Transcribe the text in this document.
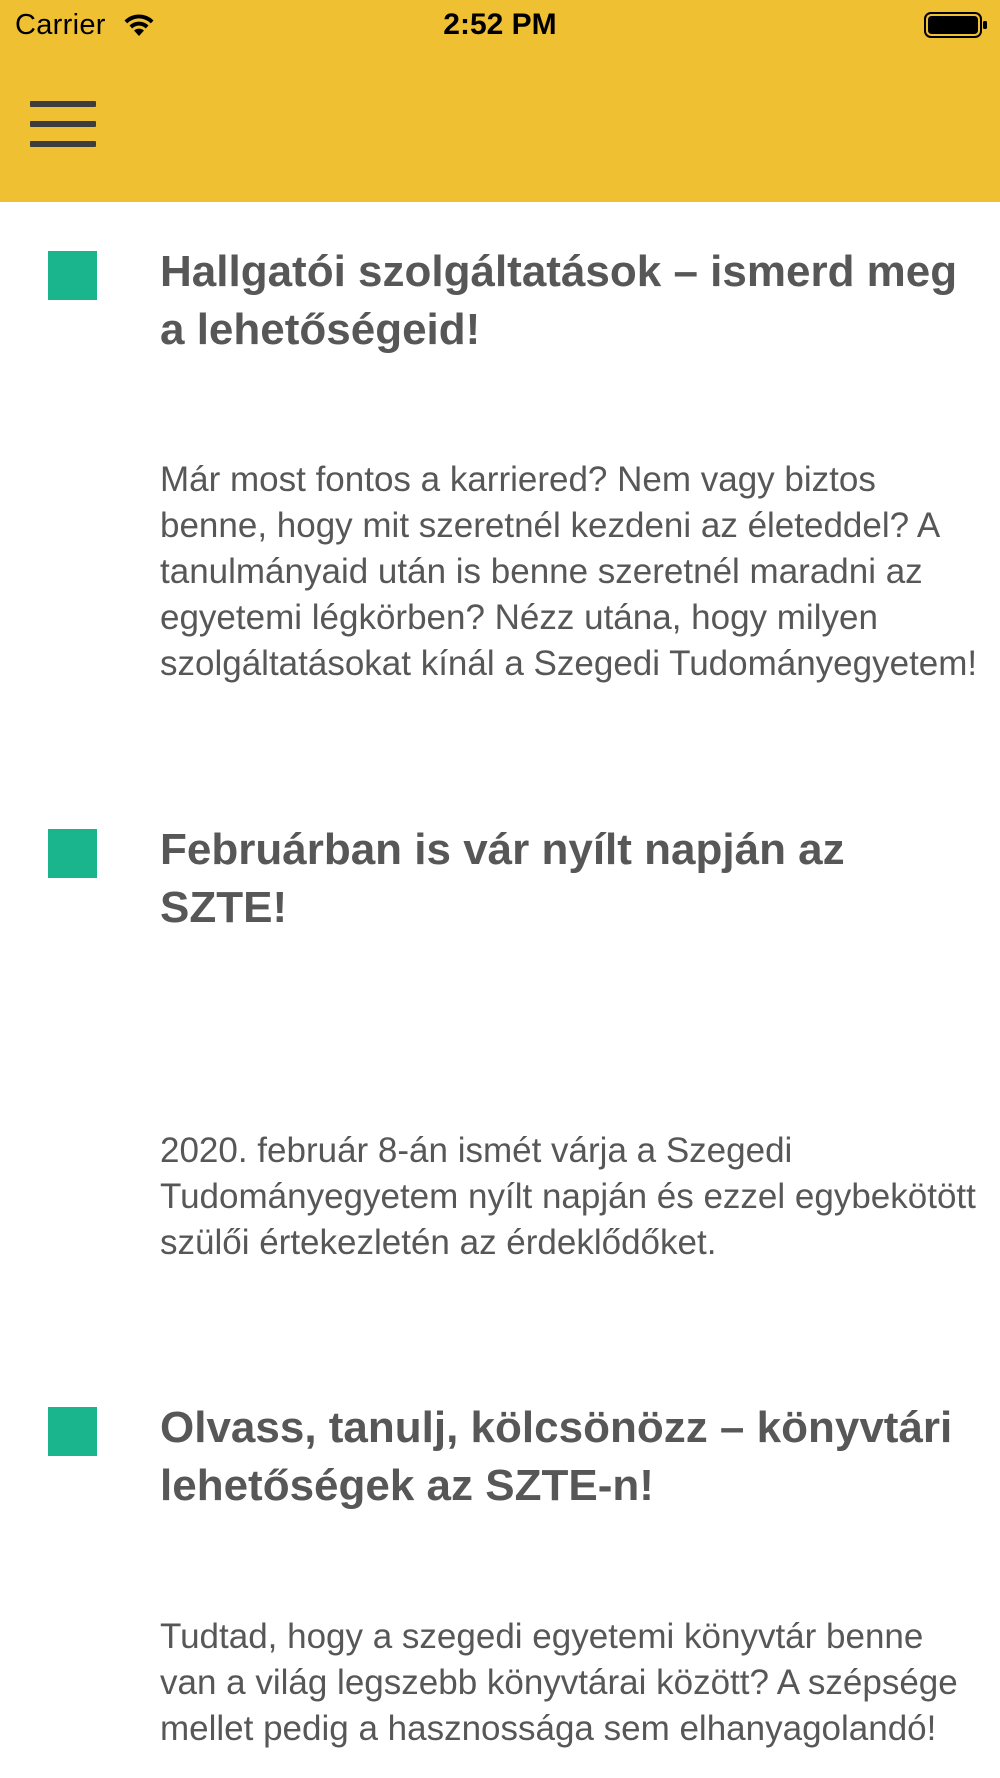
Carrier	2:52 PM
Hallgatói szolgáltatások – ismerd meg a lehetőségeid!

Már most fontos a karriered? Nem vagy biztos benne, hogy mit szeretnél kezdeni az életeddel? A tanulmányaid után is benne szeretnél maradni az egyetemi légkörben? Nézz utána, hogy milyen szolgáltatásokat kínál a Szegedi Tudományegyetem!

Februárban is vár nyílt napján az SZTE!

2020. február 8-án ismét várja a Szegedi Tudományegyetem nyílt napján és ezzel egybekötött szülői értekezletén az érdeklődőket.

Olvass, tanulj, kölcsönözz – könyvtári lehetőségek az SZTE-n!

Tudtad, hogy a szegedi egyetemi könyvtár benne van a világ legszebb könyvtárai között? A szépsége mellet pedig a hasznossága sem elhanyagolandó!
